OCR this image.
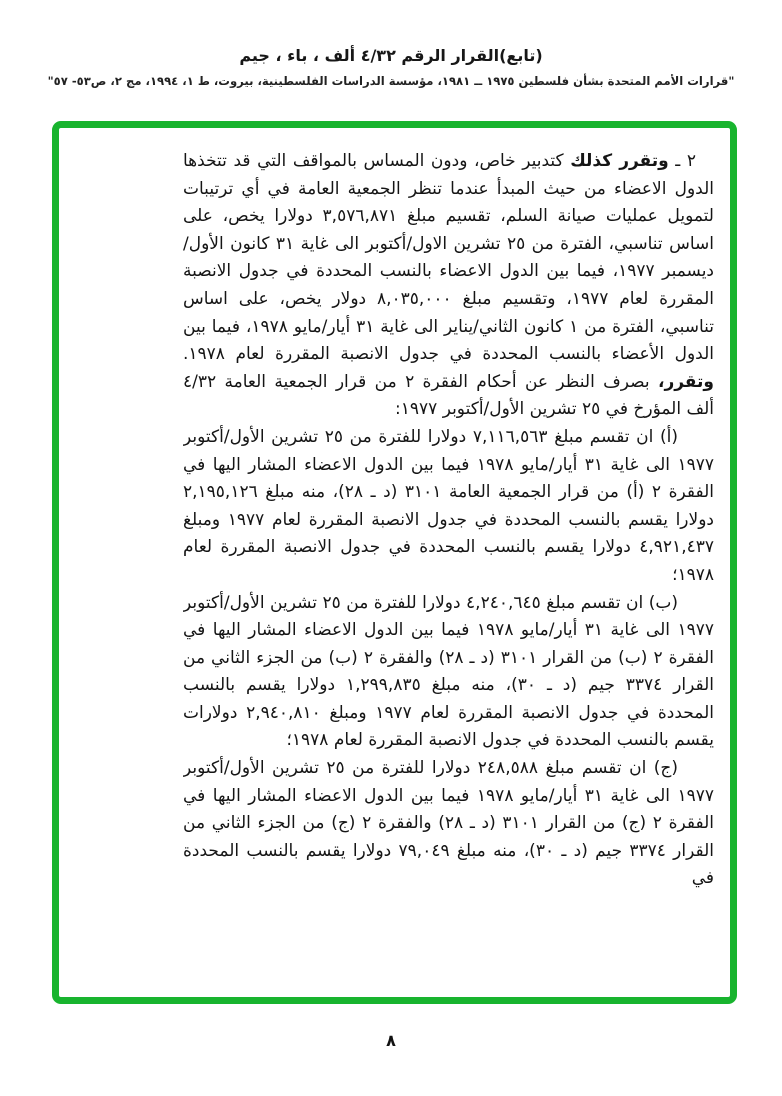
(تابع)القرار الرقم ٤/٣٢ ألف ، باء ، جيم
"قرارات الأمم المتحدة بشأن فلسطين ١٩٧٥ ــ ١٩٨١، مؤسسة الدراسات الفلسطينية، بيروت، ط ١، ١٩٩٤، مج ٢، ص٥٣- ٥٧"

٢ ـ وتقرر كذلك كتدبير خاص، ودون المساس بالمواقف التي قد تتخذها الدول الاعضاء من حيث المبدأ عندما تنظر الجمعية العامة في أي ترتيبات لتمويل عمليات صيانة السلم، تقسيم مبلغ ٣,٥٧٦,٨٧١ دولارا يخص، على اساس تناسبي، الفترة من ٢٥ تشرين الاول/أكتوبر الى غاية ٣١ كانون الأول/ديسمبر ١٩٧٧، فيما بين الدول الاعضاء بالنسب المحددة في جدول الانصبة المقررة لعام ١٩٧٧، وتقسيم مبلغ ٨,٠٣٥,٠٠٠ دولار يخص، على اساس تناسبي، الفترة من ١ كانون الثاني/يناير الى غاية ٣١ أيار/مايو ١٩٧٨، فيما بين الدول الأعضاء بالنسب المحددة في جدول الانصبة المقررة لعام ١٩٧٨. وتقرر، بصرف النظر عن أحكام الفقرة ٢ من قرار الجمعية العامة ٤/٣٢ ألف المؤرخ في ٢٥ تشرين الأول/أكتوبر ١٩٧٧:

(أ) ان تقسم مبلغ ٧,١١٦,٥٦٣ دولارا للفترة من ٢٥ تشرين الأول/أكتوبر ١٩٧٧ الى غاية ٣١ أيار/مايو ١٩٧٨ فيما بين الدول الاعضاء المشار اليها في الفقرة ٢ (أ) من قرار الجمعية العامة ٣١٠١ (د ـ ٢٨)، منه مبلغ ٢,١٩٥,١٢٦ دولارا يقسم بالنسب المحددة في جدول الانصبة المقررة لعام ١٩٧٧ ومبلغ ٤,٩٢١,٤٣٧ دولارا يقسم بالنسب المحددة في جدول الانصبة المقررة لعام ١٩٧٨؛

(ب) ان تقسم مبلغ ٤,٢٤٠,٦٤٥ دولارا للفترة من ٢٥ تشرين الأول/أكتوبر ١٩٧٧ الى غاية ٣١ أيار/مايو ١٩٧٨ فيما بين الدول الاعضاء المشار اليها في الفقرة ٢ (ب) من القرار ٣١٠١ (د ـ ٢٨) والفقرة ٢ (ب) من الجزء الثاني من القرار ٣٣٧٤ جيم (د ـ ٣٠)، منه مبلغ ١,٢٩٩,٨٣٥ دولارا يقسم بالنسب المحددة في جدول الانصبة المقررة لعام ١٩٧٧ ومبلغ ٢,٩٤٠,٨١٠ دولارات يقسم بالنسب المحددة في جدول الانصبة المقررة لعام ١٩٧٨؛

(ج) ان تقسم مبلغ ٢٤٨,٥٨٨ دولارا للفترة من ٢٥ تشرين الأول/أكتوبر ١٩٧٧ الى غاية ٣١ أيار/مايو ١٩٧٨ فيما بين الدول الاعضاء المشار اليها في الفقرة ٢ (ج) من القرار ٣١٠١ (د ـ ٢٨) والفقرة ٢ (ج) من الجزء الثاني من القرار ٣٣٧٤ جيم (د ـ ٣٠)، منه مبلغ ٧٩,٠٤٩ دولارا يقسم بالنسب المحددة في

٨
